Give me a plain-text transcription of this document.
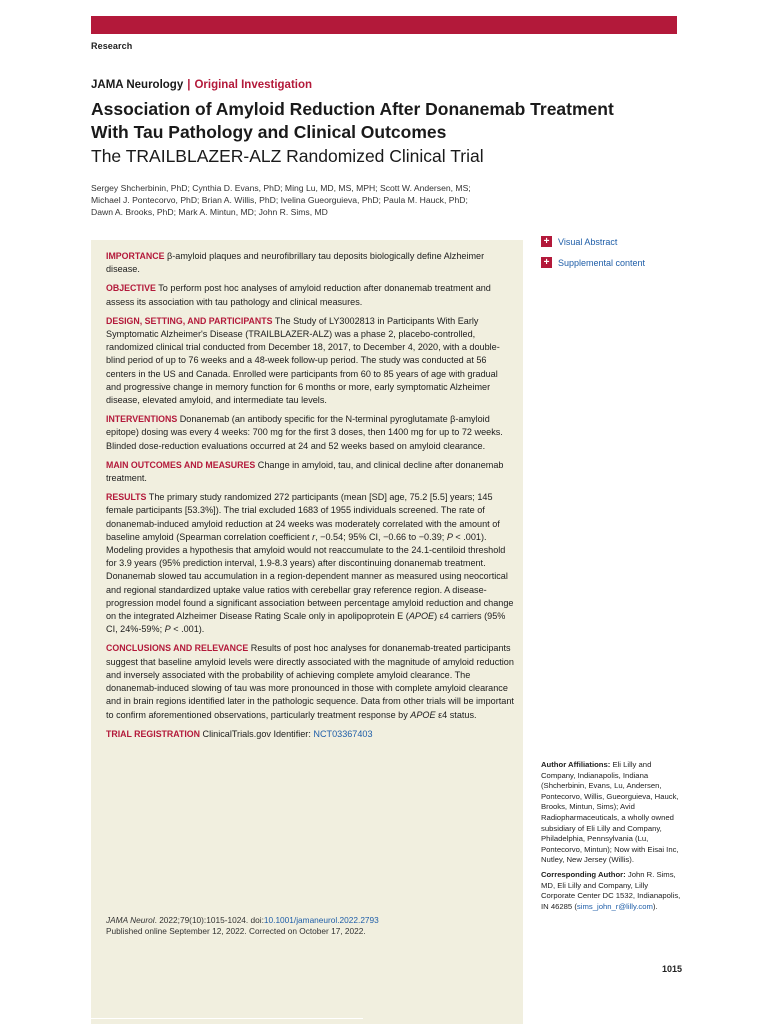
Research
JAMA Neurology | Original Investigation
Association of Amyloid Reduction After Donanemab Treatment With Tau Pathology and Clinical Outcomes
The TRAILBLAZER-ALZ Randomized Clinical Trial
Sergey Shcherbinin, PhD; Cynthia D. Evans, PhD; Ming Lu, MD, MS, MPH; Scott W. Andersen, MS;
Michael J. Pontecorvo, PhD; Brian A. Willis, PhD; Ivelina Gueorguieva, PhD; Paula M. Hauck, PhD;
Dawn A. Brooks, PhD; Mark A. Mintun, MD; John R. Sims, MD

IMPORTANCE β-amyloid plaques and neurofibrillary tau deposits biologically define Alzheimer disease.

OBJECTIVE To perform post hoc analyses of amyloid reduction after donanemab treatment and assess its association with tau pathology and clinical measures.

DESIGN, SETTING, AND PARTICIPANTS The Study of LY3002813 in Participants With Early Symptomatic Alzheimer's Disease (TRAILBLAZER-ALZ) was a phase 2, placebo-controlled, randomized clinical trial conducted from December 18, 2017, to December 4, 2020, with a double-blind period of up to 76 weeks and a 48-week follow-up period. The study was conducted at 56 centers in the US and Canada. Enrolled were participants from 60 to 85 years of age with gradual and progressive change in memory function for 6 months or more, early symptomatic Alzheimer disease, elevated amyloid, and intermediate tau levels.

INTERVENTIONS Donanemab (an antibody specific for the N-terminal pyroglutamate β-amyloid epitope) dosing was every 4 weeks: 700 mg for the first 3 doses, then 1400 mg for up to 72 weeks. Blinded dose-reduction evaluations occurred at 24 and 52 weeks based on amyloid clearance.

MAIN OUTCOMES AND MEASURES Change in amyloid, tau, and clinical decline after donanemab treatment.

RESULTS The primary study randomized 272 participants (mean [SD] age, 75.2 [5.5] years; 145 female participants [53.3%]). The trial excluded 1683 of 1955 individuals screened. The rate of donanemab-induced amyloid reduction at 24 weeks was moderately correlated with the amount of baseline amyloid (Spearman correlation coefficient r, −0.54; 95% CI, −0.66 to −0.39; P < .001). Modeling provides a hypothesis that amyloid would not reaccumulate to the 24.1-centiloid threshold for 3.9 years (95% prediction interval, 1.9-8.3 years) after discontinuing donanemab treatment. Donanemab slowed tau accumulation in a region-dependent manner as measured using neocortical and regional standardized uptake value ratios with cerebellar gray reference region. A disease-progression model found a significant association between percentage amyloid reduction and change on the integrated Alzheimer Disease Rating Scale only in apolipoprotein E (APOE) ε4 carriers (95% CI, 24%-59%; P < .001).

CONCLUSIONS AND RELEVANCE Results of post hoc analyses for donanemab-treated participants suggest that baseline amyloid levels were directly associated with the magnitude of amyloid reduction and inversely associated with the probability of achieving complete amyloid clearance. The donanemab-induced slowing of tau was more pronounced in those with complete amyloid clearance and in brain regions identified later in the pathologic sequence. Data from other trials will be important to confirm aforementioned observations, particularly treatment response by APOE ε4 status.

TRIAL REGISTRATION ClinicalTrials.gov Identifier: NCT03367403

JAMA Neurol. 2022;79(10):1015-1024. doi:10.1001/jamaneurol.2022.2793
Published online September 12, 2022. Corrected on October 17, 2022.
+ Visual Abstract
+ Supplemental content

Author Affiliations: Eli Lilly and Company, Indianapolis, Indiana (Shcherbinin, Evans, Lu, Andersen, Pontecorvo, Willis, Gueorguieva, Hauck, Brooks, Mintun, Sims); Avid Radiopharmaceuticals, a wholly owned subsidiary of Eli Lilly and Company, Philadelphia, Pennsylvania (Lu, Pontecorvo, Mintun); Now with Eisai Inc, Nutley, New Jersey (Willis).

Corresponding Author: John R. Sims, MD, Eli Lilly and Company, Lilly Corporate Center DC 1532, Indianapolis, IN 46285 (sims_john_r@lilly.com).

1015
